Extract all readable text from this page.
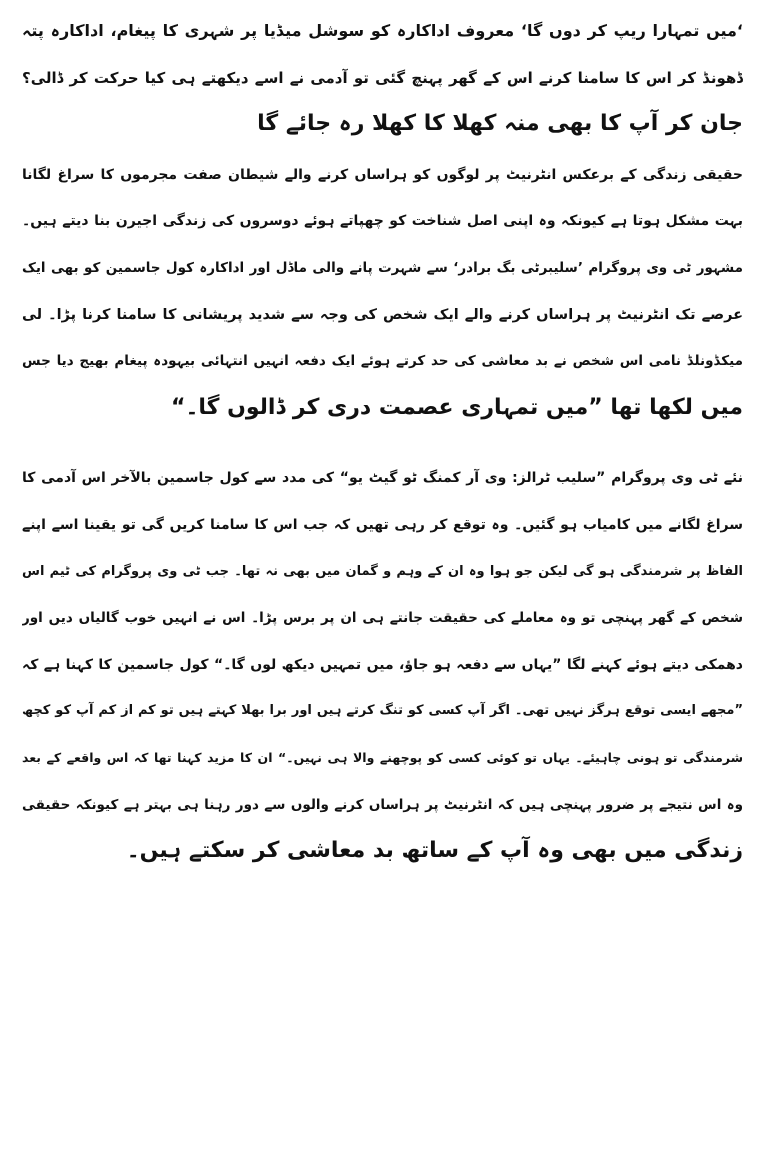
‘میں تمہارا ریپ کر دوں گا‘ معروف اداکارہ کو سوشل میڈیا پر شہری کا پیغام، اداکارہ پتہ
ڈھونڈ کر اس کا سامنا کرنے اس کے گھر پہنچ گئی تو آدمی نے اسے دیکھتے ہی کیا حرکت کر ڈالی؟
جان کر آپ کا بھی منہ کھلا کا کھلا رہ جائے گا

حقیقی زندگی کے برعکس انٹرنیٹ پر لوگوں کو ہراساں کرنے والے شیطان صفت مجرموں کا سراغ لگانا
بہت مشکل ہوتا ہے کیونکہ وہ اپنی اصل شناخت کو چھپاتے ہوئے دوسروں کی زندگی اجیرن بنا دیتے ہیں۔
مشہور ٹی وی پروگرام ’سلیبرٹی بگ برادر‘ سے شہرت پانے والی ماڈل اور اداکارہ کول جاسمین کو بھی ایک
عرصے تک انٹرنیٹ پر ہراساں کرنے والے ایک شخص کی وجہ سے شدید پریشانی کا سامنا کرنا پڑا۔ لی
میکڈونلڈ نامی اس شخص نے بد معاشی کی حد کرتے ہوئے ایک دفعہ انہیں انتہائی بیہودہ پیغام بھیج دیا جس
میں لکھا تھا ”میں تمہاری عصمت دری کر ڈالوں گا۔“

نئے ٹی وی پروگرام ”سلیب ٹرالز: وی آر کمنگ ٹو گیٹ یو“ کی مدد سے کول جاسمین بالآخر اس آدمی کا
سراغ لگانے میں کامیاب ہو گئیں۔ وہ توقع کر رہی تھیں کہ جب اس کا سامنا کریں گی تو یقینا اسے اپنے
الفاظ پر شرمندگی ہو گی لیکن جو ہوا وہ ان کے وہم و گمان میں بھی نہ تھا۔ جب ٹی وی پروگرام کی ٹیم اس
شخص کے گھر پہنچی تو وہ معاملے کی حقیقت جانتے ہی ان پر برس پڑا۔ اس نے انہیں خوب گالیاں دیں اور
دھمکی دیتے ہوئے کہنے لگا ”یہاں سے دفعہ ہو جاؤ، میں تمہیں دیکھ لوں گا۔“ کول جاسمین کا کہنا ہے کہ
”مجھے ایسی توقع ہرگز نہیں تھی۔ اگر آپ کسی کو تنگ کرتے ہیں اور برا بھلا کہتے ہیں تو کم از کم آپ کو کچھ
شرمندگی تو ہونی چاہیئے۔ یہاں تو کوئی کسی کو پوچھنے والا ہی نہیں۔“ ان کا مزید کہنا تھا کہ اس واقعے کے بعد
وہ اس نتیجے پر ضرور پہنچی ہیں کہ انٹرنیٹ پر ہراساں کرنے والوں سے دور رہنا ہی بہتر ہے کیونکہ حقیقی
زندگی میں بھی وہ آپ کے ساتھ بد معاشی کر سکتے ہیں۔
